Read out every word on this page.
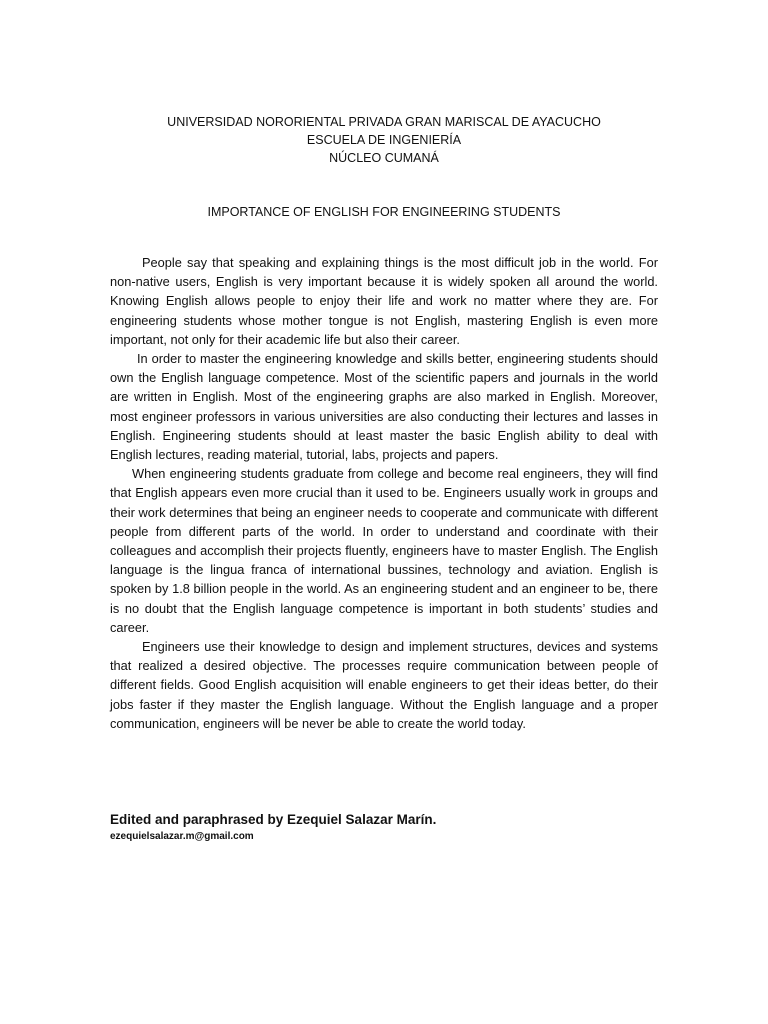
UNIVERSIDAD NORORIENTAL PRIVADA GRAN MARISCAL DE AYACUCHO
ESCUELA DE INGENIERÍA
NÚCLEO CUMANÁ
IMPORTANCE OF ENGLISH FOR ENGINEERING STUDENTS

People say that speaking and explaining things is the most difficult job in the world. For non-native users, English is very important because it is widely spoken all around the world. Knowing English allows people to enjoy their life and work no matter where they are. For engineering students whose mother tongue is not English, mastering English is even more important, not only for their academic life but also their career.

In order to master the engineering knowledge and skills better, engineering students should own the English language competence. Most of the scientific papers and journals in the world are written in English. Most of the engineering graphs are also marked in English. Moreover, most engineer professors in various universities are also conducting their lectures and lasses in English. Engineering students should at least master the basic English ability to deal with English lectures, reading material, tutorial, labs, projects and papers.

When engineering students graduate from college and become real engineers, they will find that English appears even more crucial than it used to be. Engineers usually work in groups and their work determines that being an engineer needs to cooperate and communicate with different people from different parts of the world. In order to understand and coordinate with their colleagues and accomplish their projects fluently, engineers have to master English. The English language is the lingua franca of international bussines, technology and aviation. English is spoken by 1.8 billion people in the world. As an engineering student and an engineer to be, there is no doubt that the English language competence is important in both students’ studies and career.

Engineers use their knowledge to design and implement structures, devices and systems that realized a desired objective. The processes require communication between people of different fields. Good English acquisition will enable engineers to get their ideas better, do their jobs faster if they master the English language. Without the English language and a proper communication, engineers will be never be able to create the world today.

Edited and paraphrased by Ezequiel Salazar Marín.
ezequielsalazar.m@gmail.com
